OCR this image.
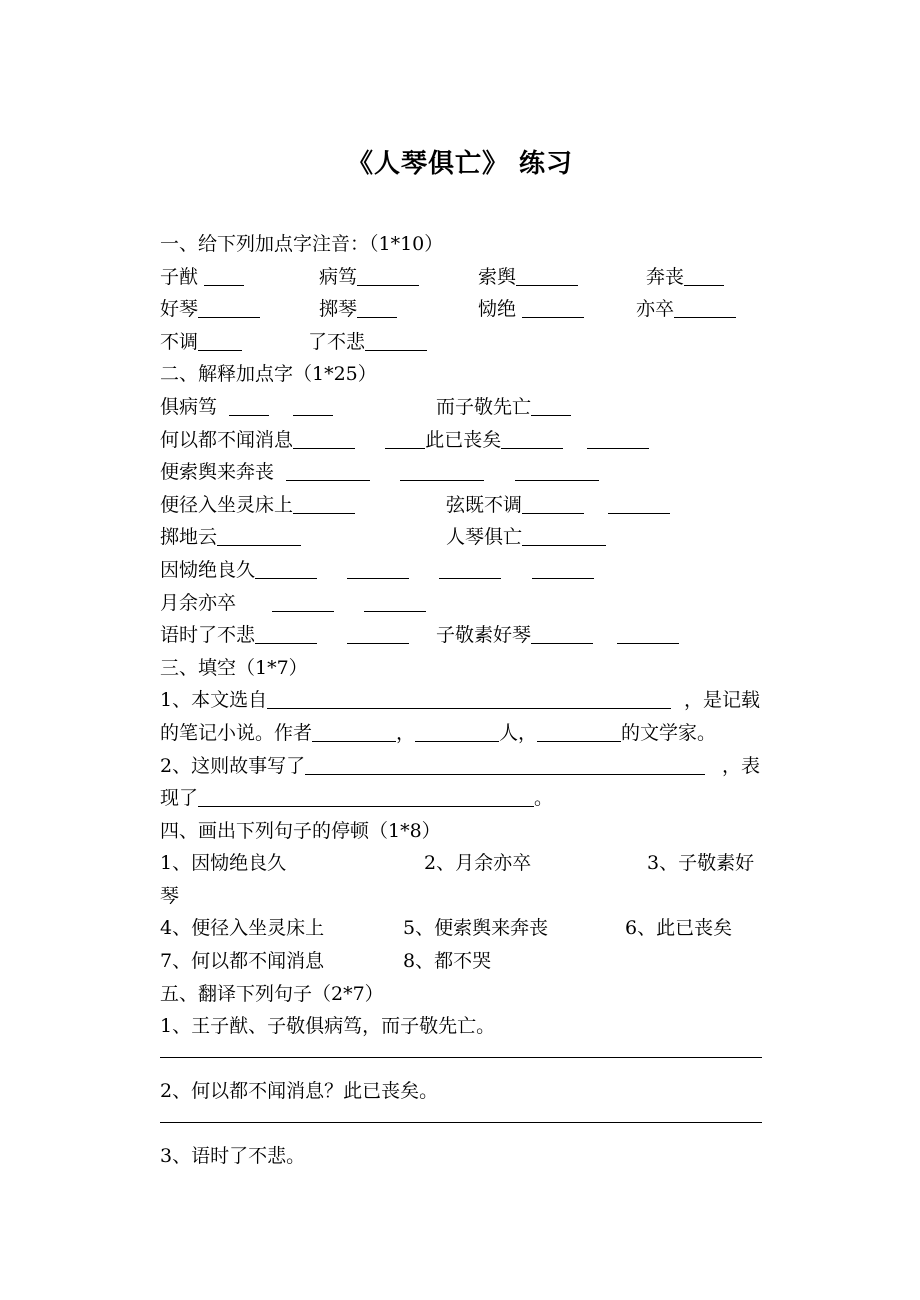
《人琴俱亡》 练习
一、给下列加点字注音：（1*10）
子猷	病笃	索舆	奔丧
好琴	掷琴	恸绝	亦卒
不调	了不悲
二、解释加点字（1*25）
俱病笃	而子敬先亡
何以都不闻消息	此已丧矣
便索舆来奔丧
便径入坐灵床上	弦既不调
掷地云	人琴俱亡
因恸绝良久
月余亦卒
语时了不悲	子敬素好琴
三、填空（1*7）
1、本文选自	，是记载
的笔记小说。作者	，	人，	的文学家。
2、这则故事写了	，表
现了	。
四、画出下列句子的停顿（1*8）
1、因恸绝良久	2、月余亦卒	3、子敬素好
琴
4、便径入坐灵床上	5、便索舆来奔丧	6、此已丧矣
7、何以都不闻消息	8、都不哭
五、翻译下列句子（2*7）
1、王子猷、子敬俱病笃，而子敬先亡。
2、何以都不闻消息？此已丧矣。
3、语时了不悲。
